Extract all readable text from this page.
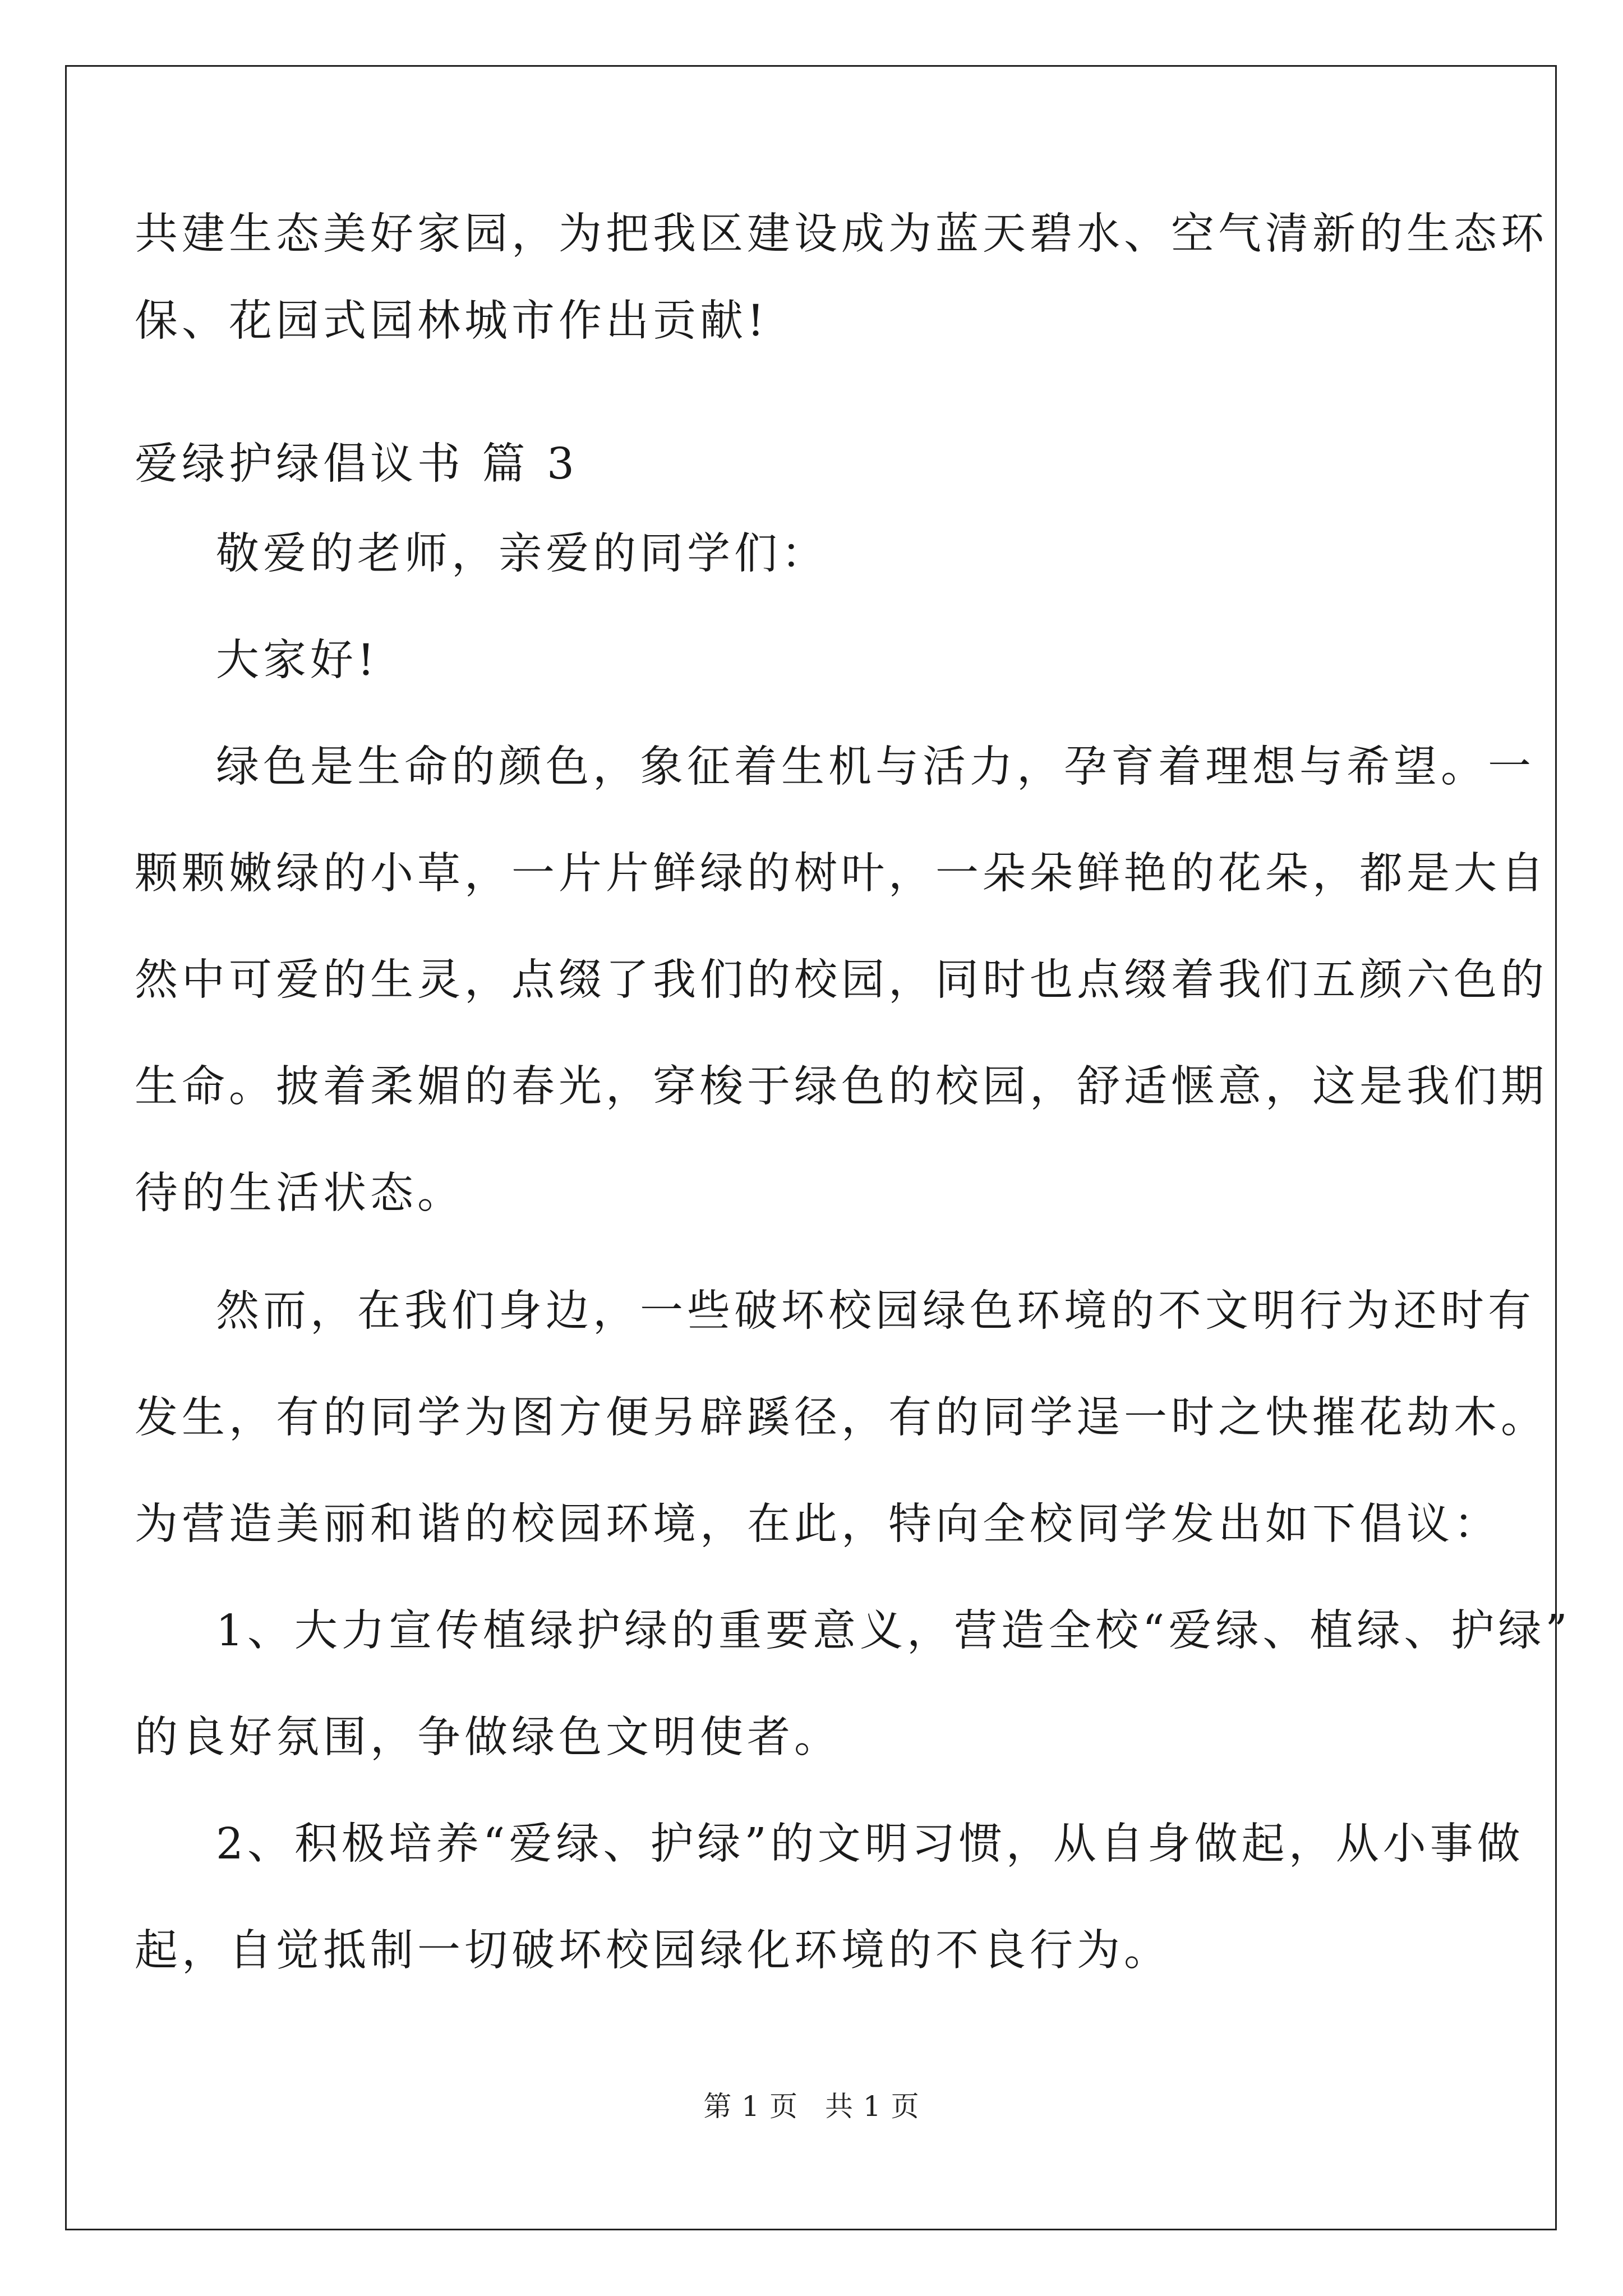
共建生态美好家园，为把我区建设成为蓝天碧水、空气清新的生态环
保、花园式园林城市作出贡献!
爱绿护绿倡议书 篇 3
敬爱的老师，亲爱的同学们：
大家好!
绿色是生命的颜色，象征着生机与活力，孕育着理想与希望。一
颗颗嫩绿的小草，一片片鲜绿的树叶，一朵朵鲜艳的花朵，都是大自
然中可爱的生灵，点缀了我们的校园，同时也点缀着我们五颜六色的
生命。披着柔媚的春光，穿梭于绿色的校园，舒适惬意，这是我们期
待的生活状态。
然而，在我们身边，一些破坏校园绿色环境的不文明行为还时有
发生，有的同学为图方便另辟蹊径，有的同学逞一时之快摧花劫木。
为营造美丽和谐的校园环境，在此，特向全校同学发出如下倡议：
1、大力宣传植绿护绿的重要意义，营造全校“爱绿、植绿、护绿”
的良好氛围，争做绿色文明使者。
2、积极培养“爱绿、护绿”的文明习惯，从自身做起，从小事做
起，自觉抵制一切破坏校园绿化环境的不良行为。
第 1 页 共 1 页
